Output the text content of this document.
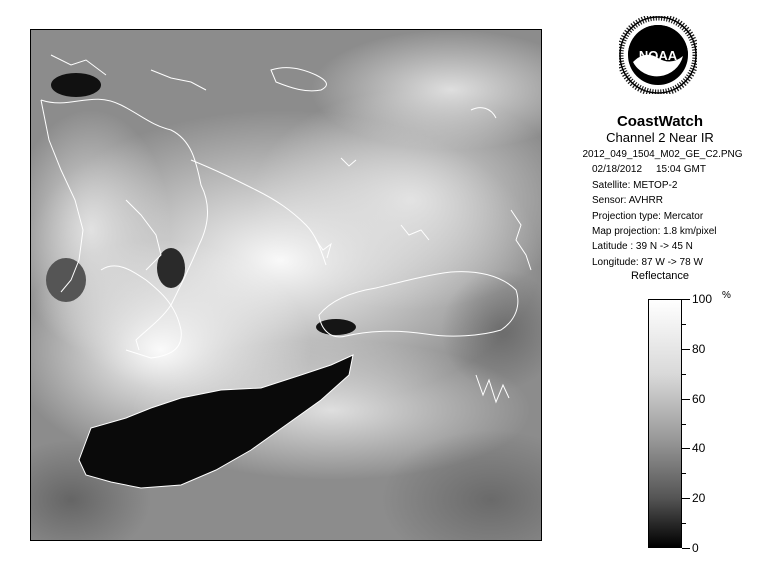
NOAA
CoastWatch
Channel 2 Near IR
2012_049_1504_M02_GE_C2.PNG
02/18/2012 15:04 GMT
Satellite: METOP-2
Sensor: AVHRR
Projection type: Mercator
Map projection: 1.8 km/pixel
Latitude : 39 N -> 45 N
Longitude: 87 W -> 78 W
Reflectance
%
100
80
60
40
20
0
